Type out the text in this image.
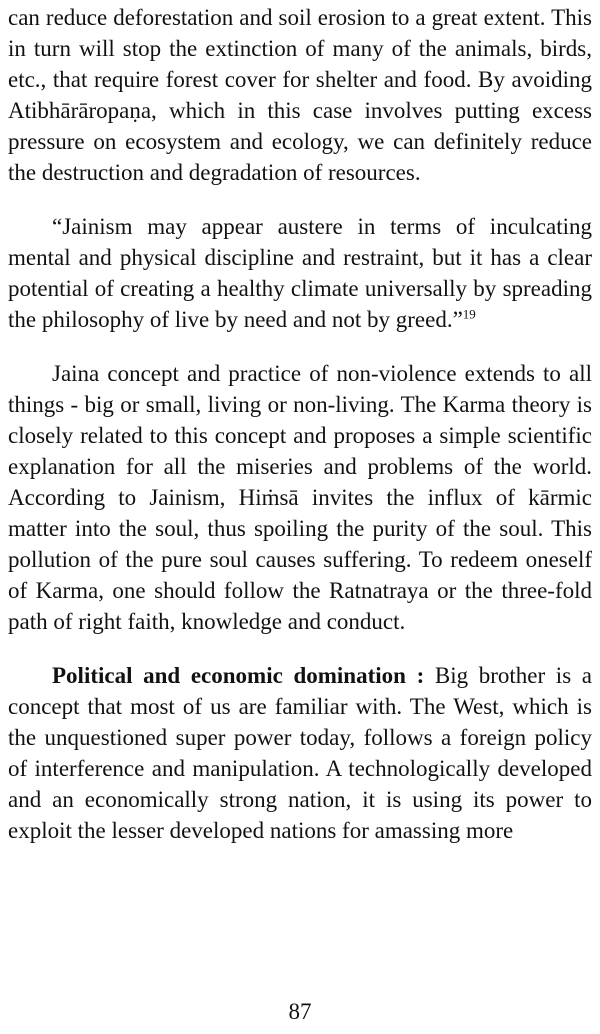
can reduce deforestation and soil erosion to a great extent. This in turn will stop the extinction of many of the animals, birds, etc., that require forest cover for shelter and food. By avoiding Atibhārāropaṇa, which in this case involves putting excess pressure on ecosystem and ecology, we can definitely reduce the destruction and degradation of resources.

“Jainism may appear austere in terms of inculcating mental and physical discipline and restraint, but it has a clear potential of creating a healthy climate universally by spreading the philosophy of live by need and not by greed.”$^{19}$

Jaina concept and practice of non-violence extends to all things - big or small, living or non-living. The Karma theory is closely related to this concept and proposes a simple scientific explanation for all the miseries and problems of the world. According to Jainism, Hiṁsā invites the influx of kārmic matter into the soul, thus spoiling the purity of the soul. This pollution of the pure soul causes suffering. To redeem oneself of Karma, one should follow the Ratnatraya or the three-fold path of right faith, knowledge and conduct.

Political and economic domination : Big brother is a concept that most of us are familiar with. The West, which is the unquestioned super power today, follows a foreign policy of interference and manipulation. A technologically developed and an economically strong nation, it is using its power to exploit the lesser developed nations for amassing more

87
